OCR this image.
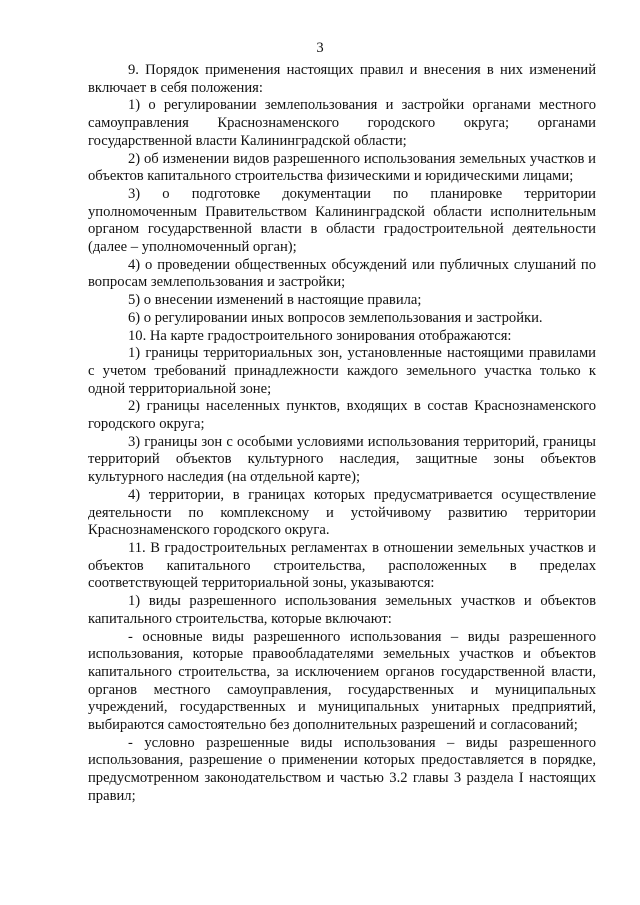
3

9. Порядок применения настоящих правил и внесения в них изменений включает в себя положения:

1) о регулировании землепользования и застройки органами местного самоуправления Краснознаменского городского округа; органами государственной власти Калининградской области;

2) об изменении видов разрешенного использования земельных участков и объектов капитального строительства физическими и юридическими лицами;

3) о подготовке документации по планировке территории уполномоченным Правительством Калининградской области исполнительным органом государственной власти в области градостроительной деятельности (далее – уполномоченный орган);

4) о проведении общественных обсуждений или публичных слушаний по вопросам землепользования и застройки;

5) о внесении изменений в настоящие правила;

6) о регулировании иных вопросов землепользования и застройки.

10. На карте градостроительного зонирования отображаются:

1) границы территориальных зон, установленные настоящими правилами с учетом требований принадлежности каждого земельного участка только к одной территориальной зоне;

2) границы населенных пунктов, входящих в состав Краснознаменского городского округа;

3) границы зон с особыми условиями использования территорий, границы территорий объектов культурного наследия, защитные зоны объектов культурного наследия (на отдельной карте);

4) территории, в границах которых предусматривается осуществление деятельности по комплексному и устойчивому развитию территории Краснознаменского городского округа.

11. В градостроительных регламентах в отношении земельных участков и объектов капитального строительства, расположенных в пределах соответствующей территориальной зоны, указываются:

1) виды разрешенного использования земельных участков и объектов капитального строительства, которые включают:

- основные виды разрешенного использования – виды разрешенного использования, которые правообладателями земельных участков и объектов капитального строительства, за исключением органов государственной власти, органов местного самоуправления, государственных и муниципальных учреждений, государственных и муниципальных унитарных предприятий, выбираются самостоятельно без дополнительных разрешений и согласований;

- условно разрешенные виды использования – виды разрешенного использования, разрешение о применении которых предоставляется в порядке, предусмотренном законодательством и частью 3.2 главы 3 раздела I настоящих правил;
